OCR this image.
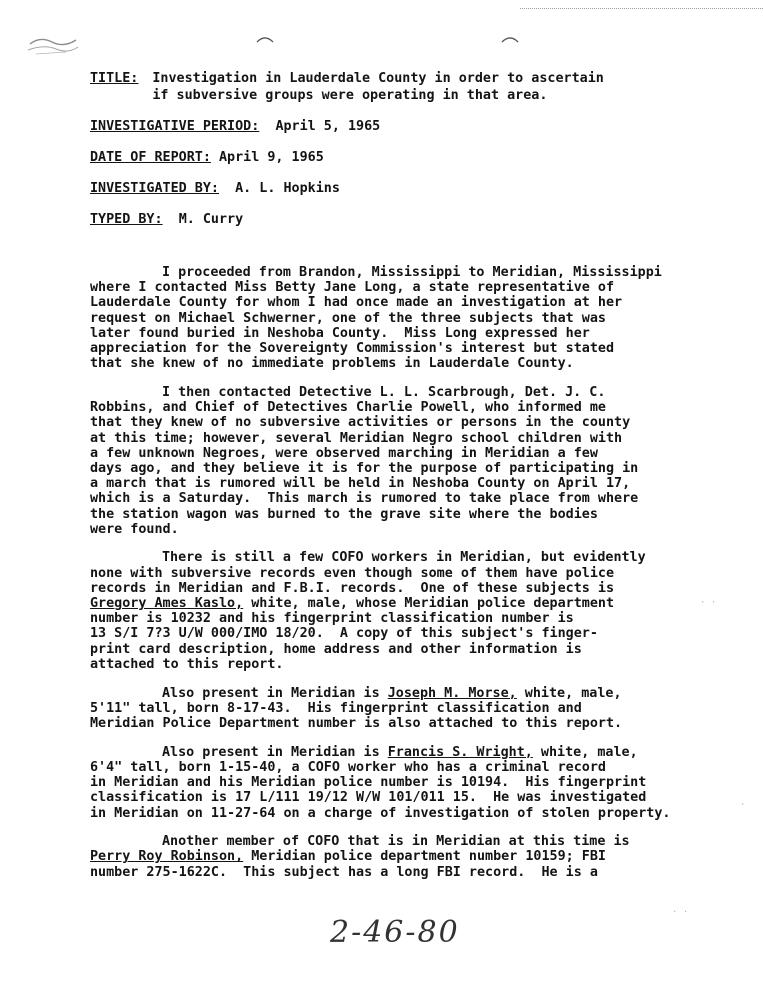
TITLE: Investigation in Lauderdale County in order to ascertain
if subversive groups were operating in that area.
INVESTIGATIVE PERIOD: April 5, 1965
DATE OF REPORT: April 9, 1965
INVESTIGATED BY: A. L. Hopkins
TYPED BY: M. Curry

I proceeded from Brandon, Mississippi to Meridian, Mississippi
where I contacted Miss Betty Jane Long, a state representative of
Lauderdale County for whom I had once made an investigation at her
request on Michael Schwerner, one of the three subjects that was
later found buried in Neshoba County.  Miss Long expressed her
appreciation for the Sovereignty Commission's interest but stated
that she knew of no immediate problems in Lauderdale County.

I then contacted Detective L. L. Scarbrough, Det. J. C.
Robbins, and Chief of Detectives Charlie Powell, who informed me
that they knew of no subversive activities or persons in the county
at this time; however, several Meridian Negro school children with
a few unknown Negroes, were observed marching in Meridian a few
days ago, and they believe it is for the purpose of participating in
a march that is rumored will be held in Neshoba County on April 17,
which is a Saturday.  This march is rumored to take place from where
the station wagon was burned to the grave site where the bodies
were found.

There is still a few COFO workers in Meridian, but evidently
none with subversive records even though some of them have police
records in Meridian and F.B.I. records.  One of these subjects is
Gregory Ames Kaslo, white, male, whose Meridian police department
number is 10232 and his fingerprint classification number is
13 S/I 7?3 U/W 000/IMO 18/20.  A copy of this subject's finger-
print card description, home address and other information is
attached to this report.

Also present in Meridian is Joseph M. Morse, white, male,
5'11" tall, born 8-17-43.  His fingerprint classification and
Meridian Police Department number is also attached to this report.

Also present in Meridian is Francis S. Wright, white, male,
6'4" tall, born 1-15-40, a COFO worker who has a criminal record
in Meridian and his Meridian police number is 10194.  His fingerprint
classification is 17 L/111 19/12 W/W 101/011 15.  He was investigated
in Meridian on 11-27-64 on a charge of investigation of stolen property.

Another member of COFO that is in Meridian at this time is
Perry Roy Robinson, Meridian police department number 10159; FBI
number 275-1622C.  This subject has a long FBI record.  He is a

2-46-80
· ·
·
. .
